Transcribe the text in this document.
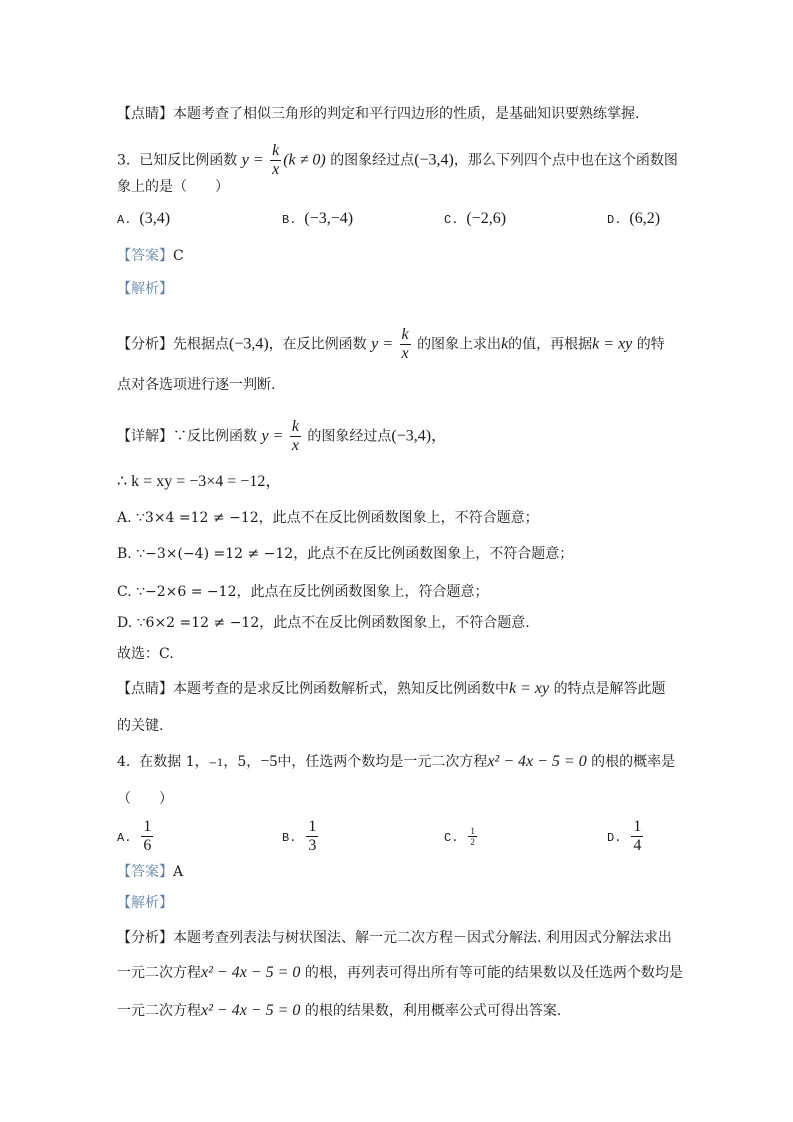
【点睛】本题考查了相似三角形的判定和平行四边形的性质，是基础知识要熟练掌握.
3. 已知反比例函数 $y = \frac{k}{x} (k \ne 0)$ 的图象经过点(−3,4)，那么下列四个点中也在这个函数图
象上的是（　　）
A. (3,4)	B. (−3,−4)	C. (−2,6)	D. (6,2)
【答案】C
【解析】
【分析】先根据点(−3,4)，在反比例函数 $y = \frac{k}{x}$ 的图象上求出k的值，再根据k = xy 的特
点对各选项进行逐一判断.
【详解】∵反比例函数 $y = \frac{k}{x}$ 的图象经过点(−3,4)，
∴ k = xy = −3×4 = −12，
A. ∵3×4 =12 ≠ −12，此点不在反比例函数图象上，不符合题意；
B. ∵−3×(−4) =12 ≠ −12，此点不在反比例函数图象上，不符合题意；
C. ∵−2×6 = −12，此点在反比例函数图象上，符合题意；
D. ∵6×2 =12 ≠ −12，此点不在反比例函数图象上，不符合题意.
故选：C.
【点睛】本题考查的是求反比例函数解析式，熟知反比例函数中k = xy 的特点是解答此题
的关键.
4. 在数据 1，−1，5，−5中，任选两个数均是一元二次方程x² − 4x − 5 = 0 的根的概率是
（　　）
A. $\frac{1}{6}$	B. $\frac{1}{3}$	C. $\frac{1}{2}$	D. $\frac{1}{4}$
【答案】A
【解析】
【分析】本题考查列表法与树状图法、解一元二次方程－因式分解法. 利用因式分解法求出
一元二次方程x² − 4x − 5 = 0 的根，再列表可得出所有等可能的结果数以及任选两个数均是
一元二次方程x² − 4x − 5 = 0 的根的结果数，利用概率公式可得出答案.
